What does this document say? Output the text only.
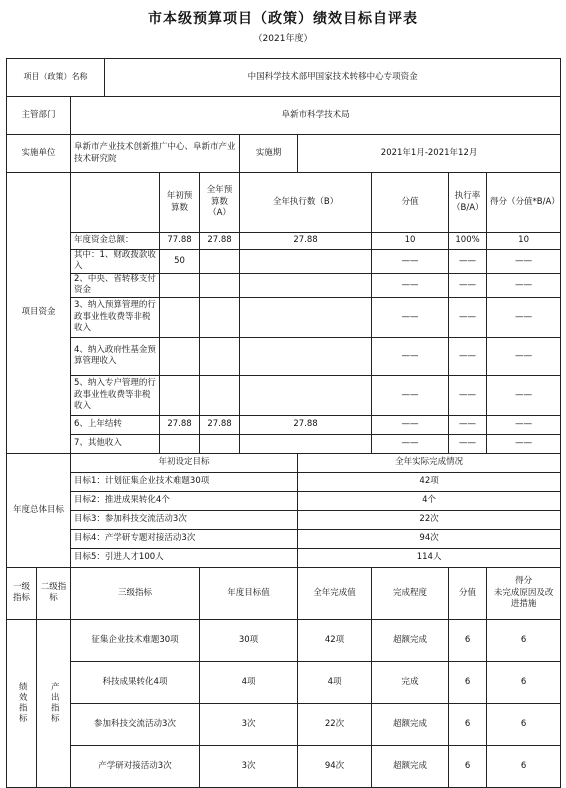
市本级预算项目（政策）绩效目标自评表
（2021年度）
项目（政策）名称			中国科学技术部甲国家技术转移中心专项资金							
主管部门		阜新市科学技术局								
实施单位		阜新市产业技术创新推广中心、阜新市产业技术研究院				实施期	2021年1月-2021年12月			
项目资金				年初预算数	全年预算数（A）	全年执行数（B）		分值	执行率（B/A）	得分（分值*B/A）
		年度资金总额：		77.88	27.88	27.88		10	100%	10
		其中：1、财政拨款收入		50				——	——	——
		2、中央、省转移支付资金						——	——	——
		3、纳入预算管理的行政事业性收费等非税收入						——	——	——
		4、纳入政府性基金预算管理收入						——	——	——
		5、纳入专户管理的行政事业性收费等非税收入						——	——	——
		6、上年结转		27.88	27.88	27.88		——	——	——
		7、其他收入						——	——	——
年度总体目标		年初设定目标					全年实际完成情况			
		目标1：计划征集企业技术难题30项					42项			
		目标2：推进成果转化4个					4个			
		目标3：参加科技交流活动3次					22次			
		目标4：产学研专题对接活动3次					94次			
		目标5：引进人才100人					114人			
一级指标	二级指标	三级指标			年度目标值		全年完成值	完成程度	分值	得分
未完成原因及改进措施
绩效指标	产出指标	征集企业技术难题30项			30项		42项	超额完成	6	6
		科技成果转化4项			4项		4项	完成	6	6
		参加科技交流活动3次			3次		22次	超额完成	6	6
		产学研对接活动3次			3次		94次	超额完成	6	6
